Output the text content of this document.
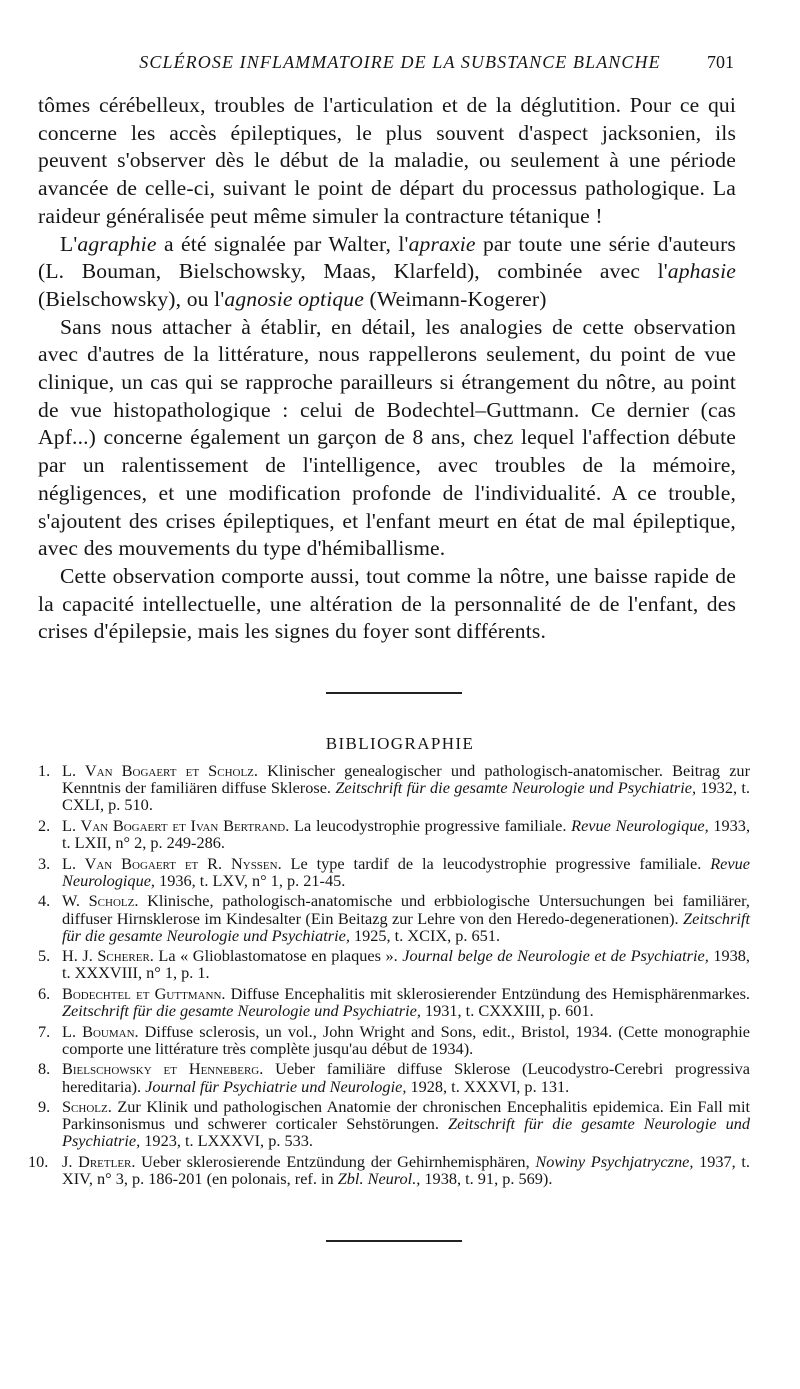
SCLÉROSE INFLAMMATOIRE DE LA SUBSTANCE BLANCHE	701

tômes cérébelleux, troubles de l'articulation et de la déglutition. Pour ce qui concerne les accès épileptiques, le plus souvent d'aspect jacksonien, ils peuvent s'observer dès le début de la maladie, ou seulement à une période avancée de celle-ci, suivant le point de départ du processus pathologique. La raideur généralisée peut même simuler la contracture tétanique !

L'agraphie a été signalée par Walter, l'apraxie par toute une série d'auteurs (L. Bouman, Bielschowsky, Maas, Klarfeld), combinée avec l'aphasie (Bielschowsky), ou l'agnosie optique (Weimann-Kogerer)

Sans nous attacher à établir, en détail, les analogies de cette observation avec d'autres de la littérature, nous rappellerons seulement, du point de vue clinique, un cas qui se rapproche parailleurs si étrangement du nôtre, au point de vue histopathologique : celui de Bodechtel–Guttmann. Ce dernier (cas Apf...) concerne également un garçon de 8 ans, chez lequel l'affection débute par un ralentissement de l'intelligence, avec troubles de la mémoire, négligences, et une modification profonde de l'individualité. A ce trouble, s'ajoutent des crises épileptiques, et l'enfant meurt en état de mal épileptique, avec des mouvements du type d'hémiballisme.

Cette observation comporte aussi, tout comme la nôtre, une baisse rapide de la capacité intellectuelle, une altération de la personnalité de de l'enfant, des crises d'épilepsie, mais les signes du foyer sont différents.

BIBLIOGRAPHIE
1. L. Van Bogaert et Scholz. Klinischer genealogischer und pathologisch-anatomischer. Beitrag zur Kenntnis der familiären diffuse Sklerose. Zeitschrift für die gesamte Neurologie und Psychiatrie, 1932, t. CXLI, p. 510.
2. L. Van Bogaert et Ivan Bertrand. La leucodystrophie progressive familiale. Revue Neurologique, 1933, t. LXII, n° 2, p. 249-286.
3. L. Van Bogaert et R. Nyssen. Le type tardif de la leucodystrophie progressive familiale. Revue Neurologique, 1936, t. LXV, n° 1, p. 21-45.
4. W. Scholz. Klinische, pathologisch-anatomische und erbbiologische Untersuchungen bei familiärer, diffuser Hirnsklerose im Kindesalter (Ein Beitazg zur Lehre von den Heredo-degenerationen). Zeitschrift für die gesamte Neurologie und Psychiatrie, 1925, t. XCIX, p. 651.
5. H. J. Scherer. La « Glioblastomatose en plaques ». Journal belge de Neurologie et de Psychiatrie, 1938, t. XXXVIII, n° 1, p. 1.
6. Bodechtel et Guttmann. Diffuse Encephalitis mit sklerosierender Entzündung des Hemisphärenmarkes. Zeitschrift für die gesamte Neurologie und Psychiatrie, 1931, t. CXXXIII, p. 601.
7. L. Bouman. Diffuse sclerosis, un vol., John Wright and Sons, edit., Bristol, 1934. (Cette monographie comporte une littérature très complète jusqu'au début de 1934).
8. Bielschowsky et Henneberg. Ueber familiäre diffuse Sklerose (Leucodystro-Cerebri progressiva hereditaria). Journal für Psychiatrie und Neurologie, 1928, t. XXXVI, p. 131.
9. Scholz. Zur Klinik und pathologischen Anatomie der chronischen Encephalitis epidemica. Ein Fall mit Parkinsonismus und schwerer corticaler Sehstörungen. Zeitschrift für die gesamte Neurologie und Psychiatrie, 1923, t. LXXXVI, p. 533.
10. J. Dretler. Ueber sklerosierende Entzündung der Gehirnhemisphären, Nowiny Psychjatryczne, 1937, t. XIV, n° 3, p. 186-201 (en polonais, ref. in Zbl. Neurol., 1938, t. 91, p. 569).
